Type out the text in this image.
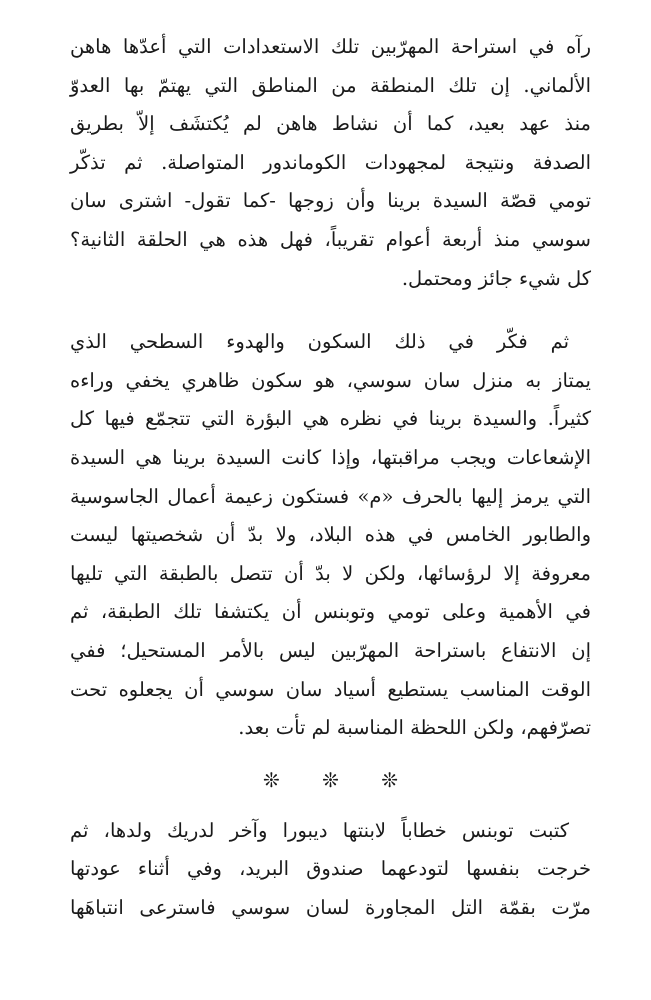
رآه في استراحة المهرّبين تلك الاستعدادات التي أعدّها هاهن
الألماني. إن تلك المنطقة من المناطق التي يهتمّ بها العدوّ
منذ عهد بعيد، كما أن نشاط هاهن لم يُكتشَف إلاّ بطريق
الصدفة ونتيجة لمجهودات الكوماندور المتواصلة. ثم تذكّر
تومي قصّة السيدة برينا وأن زوجها -كما تقول- اشترى سان
سوسي منذ أربعة أعوام تقريباً، فهل هذه هي الحلقة الثانية؟
كل شيء جائز ومحتمل.
ثم فكّر في ذلك السكون والهدوء السطحي الذي
يمتاز به منزل سان سوسي، هو سكون ظاهري يخفي وراءه
كثيراً. والسيدة برينا في نظره هي البؤرة التي تتجمّع فيها كل
الإشعاعات ويجب مراقبتها، وإذا كانت السيدة برينا هي السيدة
التي يرمز إليها بالحرف «م» فستكون زعيمة أعمال الجاسوسية
والطابور الخامس في هذه البلاد، ولا بدّ أن شخصيتها ليست
معروفة إلا لرؤسائها، ولكن لا بدّ أن تتصل بالطبقة التي تليها
في الأهمية وعلى تومي وتوبنس أن يكتشفا تلك الطبقة، ثم
إن الانتفاع باستراحة المهرّبين ليس بالأمر المستحيل؛ ففي
الوقت المناسب يستطيع أسياد سان سوسي أن يجعلوه تحت
تصرّفهم، ولكن اللحظة المناسبة لم تأت بعد.
❊ ❊ ❊
كتبت توبنس خطاباً لابنتها ديبورا وآخر لدريك ولدها، ثم
خرجت بنفسها لتودعهما صندوق البريد، وفي أثناء عودتها
مرّت بقمّة التل المجاورة لسان سوسي فاسترعى انتباهَها
